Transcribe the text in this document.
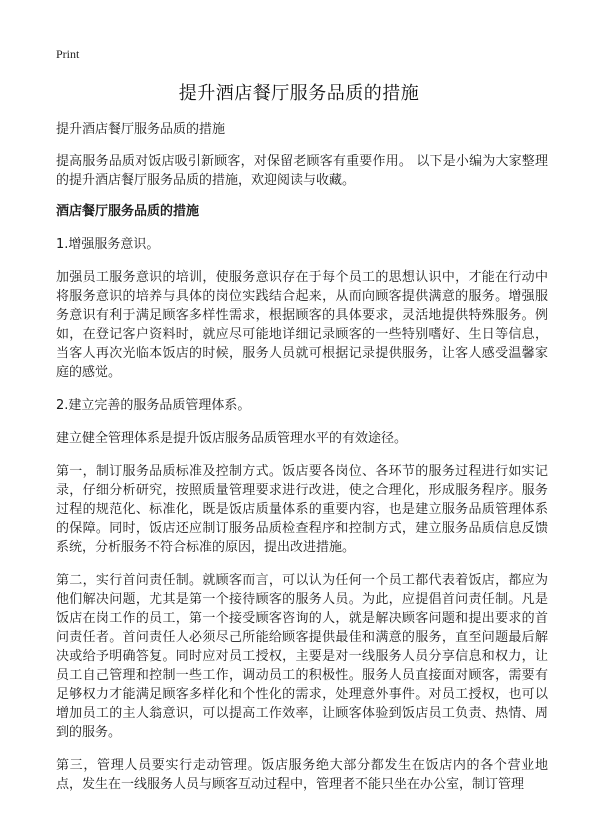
Print
提升酒店餐厅服务品质的措施

提升酒店餐厅服务品质的措施

提高服务品质对饭店吸引新顾客，对保留老顾客有重要作用。 以下是小编为大家整理的提升酒店餐厅服务品质的措施，欢迎阅读与收藏。

酒店餐厅服务品质的措施

1.增强服务意识。

加强员工服务意识的培训，使服务意识存在于每个员工的思想认识中，才能在行动中将服务意识的培养与具体的岗位实践结合起来，从而向顾客提供满意的服务。增强服务意识有利于满足顾客多样性需求，根据顾客的具体要求，灵活地提供特殊服务。例如，在登记客户资料时，就应尽可能地详细记录顾客的一些特别嗜好、生日等信息，当客人再次光临本饭店的时候，服务人员就可根据记录提供服务，让客人感受温馨家庭的感觉。

2.建立完善的服务品质管理体系。

建立健全管理体系是提升饭店服务品质管理水平的有效途径。

第一，制订服务品质标准及控制方式。饭店要各岗位、各环节的服务过程进行如实记录，仔细分析研究，按照质量管理要求进行改进，使之合理化，形成服务程序。服务过程的规范化、标准化，既是饭店质量体系的重要内容，也是建立服务品质管理体系的保障。同时，饭店还应制订服务品质检查程序和控制方式，建立服务品质信息反馈系统，分析服务不符合标准的原因，提出改进措施。

第二，实行首问责任制。就顾客而言，可以认为任何一个员工都代表着饭店，都应为他们解决问题，尤其是第一个接待顾客的服务人员。为此，应提倡首问责任制。凡是饭店在岗工作的员工，第一个接受顾客咨询的人，就是解决顾客问题和提出要求的首问责任者。首问责任人必须尽己所能给顾客提供最佳和满意的服务，直至问题最后解决或给予明确答复。同时应对员工授权，主要是对一线服务人员分享信息和权力，让员工自己管理和控制一些工作，调动员工的积极性。服务人员直接面对顾客，需要有足够权力才能满足顾客多样化和个性化的需求，处理意外事件。对员工授权，也可以增加员工的主人翁意识，可以提高工作效率，让顾客体验到饭店员工负责、热情、周到的服务。

第三，管理人员要实行走动管理。饭店服务绝大部分都发生在饭店内的各个营业地点，发生在一线服务人员与顾客互动过程中，管理者不能只坐在办公室，制订管理
